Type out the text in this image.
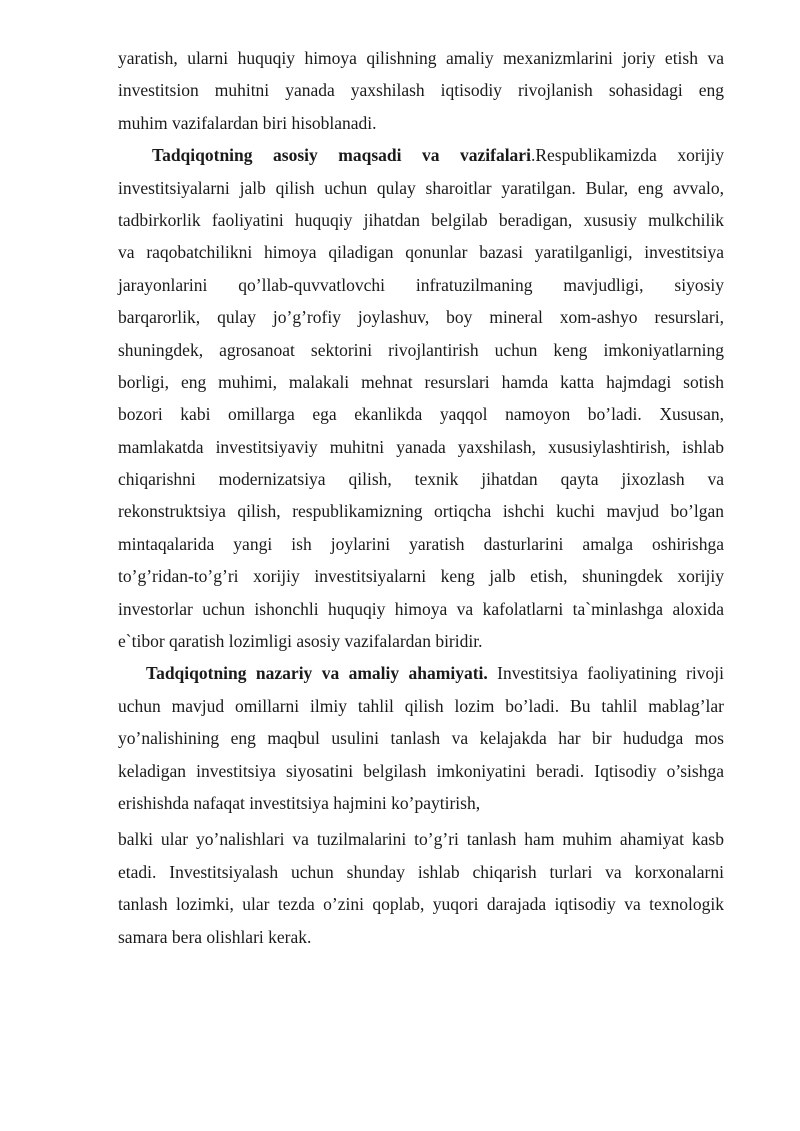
yaratish, ularni huquqiy himoya qilishning amaliy mexanizmlarini joriy etish va
investitsion muhitni yanada yaxshilash iqtisodiy rivojlanish sohasidagi eng
muhim vazifalardan biri hisoblanadi.
Tadqiqotning asosiy maqsadi va vazifalari.Respublikamizda xorijiy
investitsiyalarni jalb qilish uchun qulay sharoitlar yaratilgan. Bular, eng avvalo,
tadbirkorlik faoliyatini huquqiy jihatdan belgilab beradigan, xususiy mulkchilik
va raqobatchilikni himoya qiladigan qonunlar bazasi yaratilganligi, investitsiya
jarayonlarini qo’llab-quvvatlovchi infratuzilmaning mavjudligi, siyosiy
barqarorlik, qulay jo’g’rofiy joylashuv, boy mineral xom-ashyo resurslari,
shuningdek, agrosanoat sektorini rivojlantirish uchun keng imkoniyatlarning
borligi, eng muhimi, malakali mehnat resurslari hamda katta hajmdagi sotish
bozori kabi omillarga ega ekanlikda yaqqol namoyon bo’ladi. Xususan,
mamlakatda investitsiyaviy muhitni yanada yaxshilash, xususiylashtirish, ishlab
chiqarishni modernizatsiya qilish, texnik jihatdan qayta jixozlash va
rekonstruktsiya qilish, respublikamizning ortiqcha ishchi kuchi mavjud bo’lgan
mintaqalarida yangi ish joylarini yaratish dasturlarini amalga oshirishga
to’g’ridan-to’g’ri xorijiy investitsiyalarni keng jalb etish, shuningdek xorijiy
investorlar uchun ishonchli huquqiy himoya va kafolatlarni ta`minlashga aloxida
e`tibor qaratish lozimligi asosiy vazifalardan biridir.
Tadqiqotning nazariy va amaliy ahamiyati. Investitsiya faoliyatining rivoji
uchun mavjud omillarni ilmiy tahlil qilish lozim bo’ladi. Bu tahlil mablag’lar
yo’nalishining eng maqbul usulini tanlash va kelajakda har bir hududga mos
keladigan investitsiya siyosatini belgilash imkoniyatini beradi. Iqtisodiy o’sishga
erishishda nafaqat investitsiya hajmini ko’paytirish,
balki ular yo’nalishlari va tuzilmalarini to’g’ri tanlash ham muhim ahamiyat kasb
etadi. Investitsiyalash uchun shunday ishlab chiqarish turlari va korxonalarni
tanlash lozimki, ular tezda o’zini qoplab, yuqori darajada iqtisodiy va texnologik
samara bera olishlari kerak.
